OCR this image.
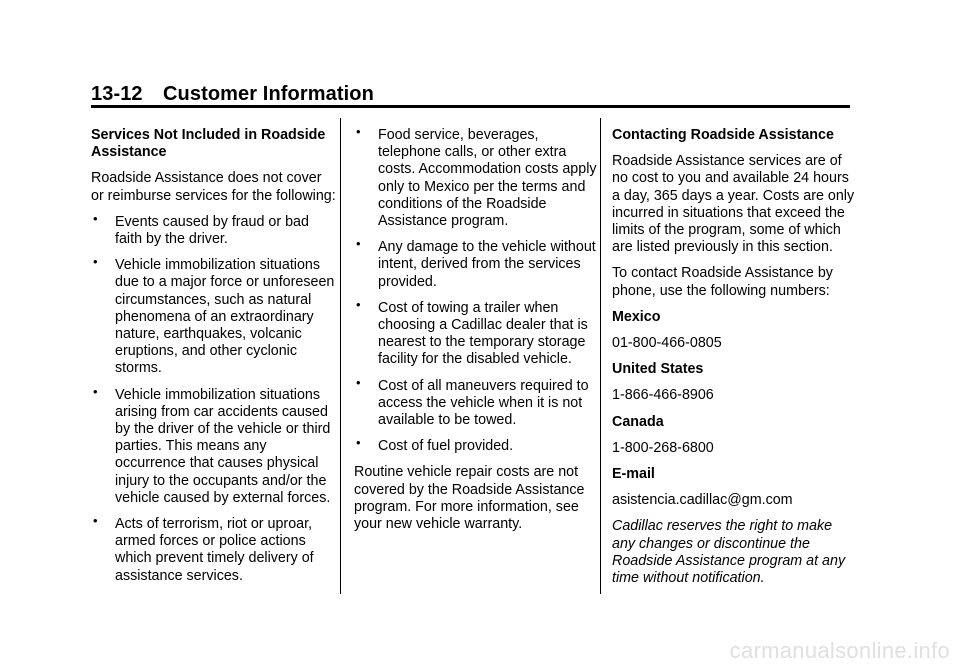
13-12 Customer Information

Services Not Included in Roadside Assistance

Roadside Assistance does not cover or reimburse services for the following:

• Events caused by fraud or bad faith by the driver.
• Vehicle immobilization situations due to a major force or unforeseen circumstances, such as natural phenomena of an extraordinary nature, earthquakes, volcanic eruptions, and other cyclonic storms.
• Vehicle immobilization situations arising from car accidents caused by the driver of the vehicle or third parties. This means any occurrence that causes physical injury to the occupants and/or the vehicle caused by external forces.
• Acts of terrorism, riot or uproar, armed forces or police actions which prevent timely delivery of assistance services.
• Food service, beverages, telephone calls, or other extra costs. Accommodation costs apply only to Mexico per the terms and conditions of the Roadside Assistance program.
• Any damage to the vehicle without intent, derived from the services provided.
• Cost of towing a trailer when choosing a Cadillac dealer that is nearest to the temporary storage facility for the disabled vehicle.
• Cost of all maneuvers required to access the vehicle when it is not available to be towed.
• Cost of fuel provided.

Routine vehicle repair costs are not covered by the Roadside Assistance program. For more information, see your new vehicle warranty.

Contacting Roadside Assistance

Roadside Assistance services are of no cost to you and available 24 hours a day, 365 days a year. Costs are only incurred in situations that exceed the limits of the program, some of which are listed previously in this section.

To contact Roadside Assistance by phone, use the following numbers:

Mexico

01-800-466-0805

United States

1-866-466-8906

Canada

1-800-268-6800

E-mail

asistencia.cadillac@gm.com

Cadillac reserves the right to make any changes or discontinue the Roadside Assistance program at any time without notification.

carmanualsonline.info
